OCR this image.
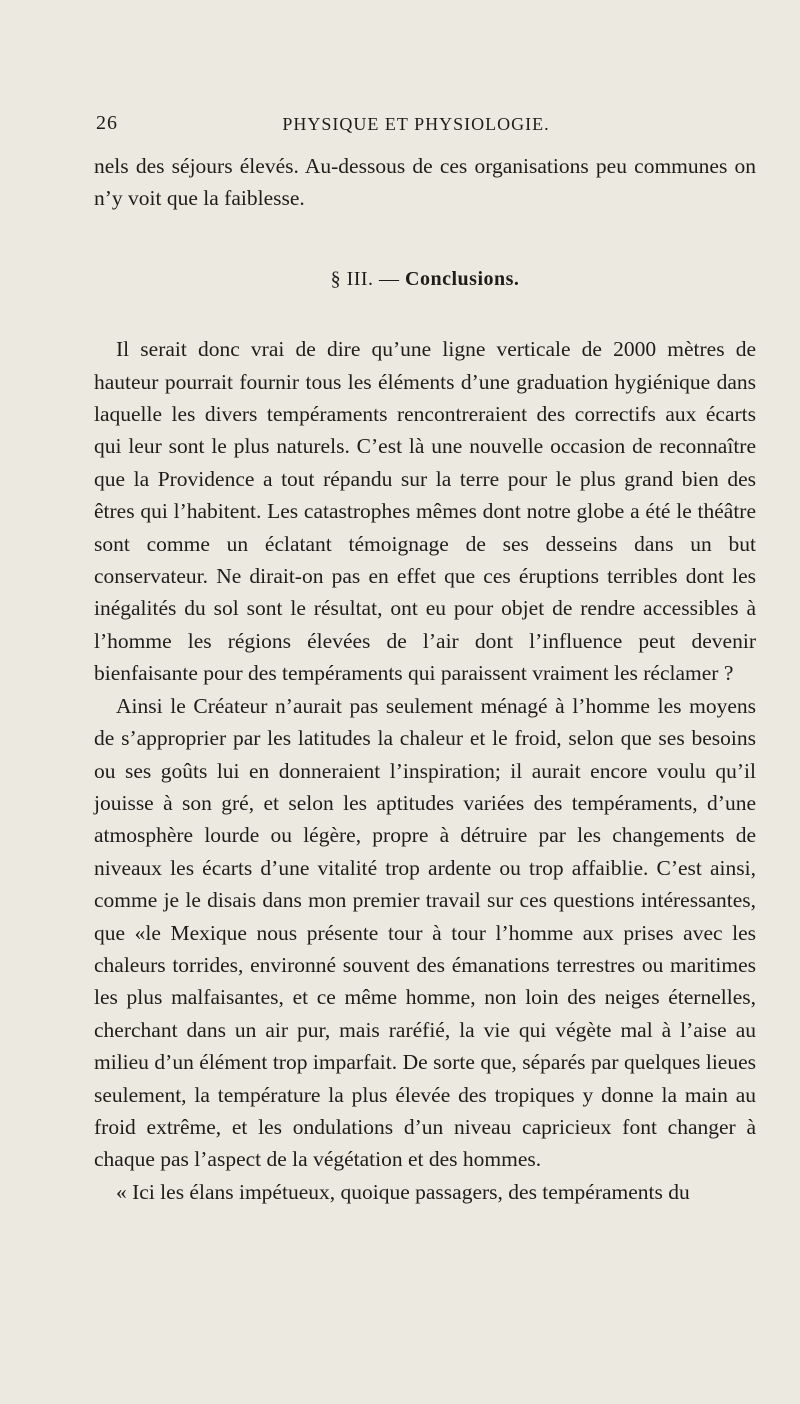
26	PHYSIQUE ET PHYSIOLOGIE.

nels des séjours élevés. Au-dessous de ces organisations peu communes on n’y voit que la faiblesse.

§ III. — Conclusions.

Il serait donc vrai de dire qu’une ligne verticale de 2000 mètres de hauteur pourrait fournir tous les éléments d’une graduation hygiénique dans laquelle les divers tempéraments rencontreraient des correctifs aux écarts qui leur sont le plus naturels. C’est là une nouvelle occasion de reconnaître que la Providence a tout répandu sur la terre pour le plus grand bien des êtres qui l’habitent. Les catastrophes mêmes dont notre globe a été le théâtre sont comme un éclatant témoignage de ses desseins dans un but conservateur. Ne dirait-on pas en effet que ces éruptions terribles dont les inégalités du sol sont le résultat, ont eu pour objet de rendre accessibles à l’homme les régions élevées de l’air dont l’influence peut devenir bienfaisante pour des tempéraments qui paraissent vraiment les réclamer ?

Ainsi le Créateur n’aurait pas seulement ménagé à l’homme les moyens de s’approprier par les latitudes la chaleur et le froid, selon que ses besoins ou ses goûts lui en donneraient l’inspiration; il aurait encore voulu qu’il jouisse à son gré, et selon les aptitudes variées des tempéraments, d’une atmosphère lourde ou légère, propre à détruire par les changements de niveaux les écarts d’une vitalité trop ardente ou trop affaiblie. C’est ainsi, comme je le disais dans mon premier travail sur ces questions intéressantes, que «le Mexique nous présente tour à tour l’homme aux prises avec les chaleurs torrides, environné souvent des émanations terrestres ou maritimes les plus malfaisantes, et ce même homme, non loin des neiges éternelles, cherchant dans un air pur, mais raréfié, la vie qui végète mal à l’aise au milieu d’un élément trop imparfait. De sorte que, séparés par quelques lieues seulement, la température la plus élevée des tropiques y donne la main au froid extrême, et les ondulations d’un niveau capricieux font changer à chaque pas l’aspect de la végétation et des hommes.

« Ici les élans impétueux, quoique passagers, des tempéraments du
